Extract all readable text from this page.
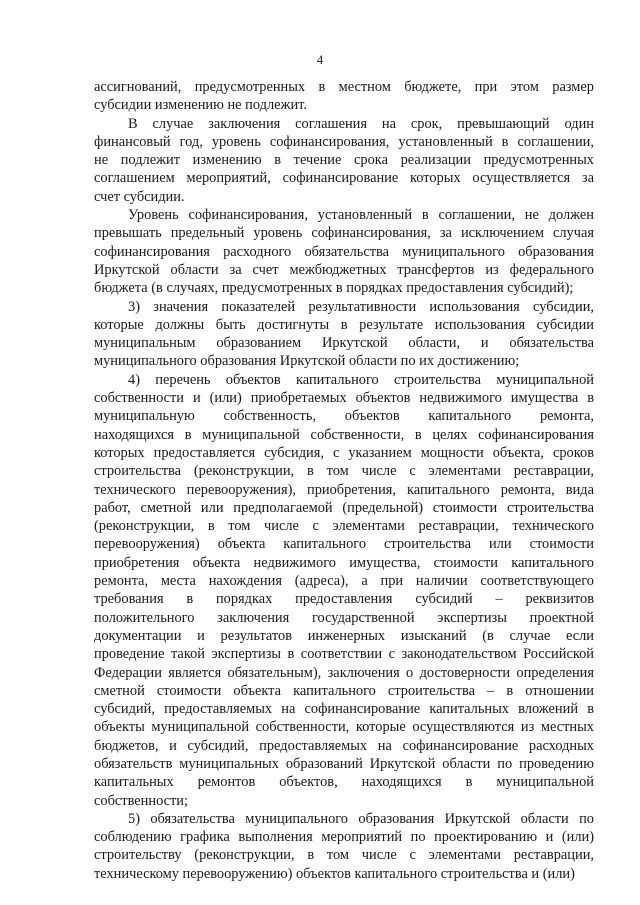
4
ассигнований, предусмотренных в местном бюджете, при этом размер
субсидии изменению не подлежит.
В случае заключения соглашения на срок, превышающий один
финансовый год, уровень софинансирования, установленный в соглашении,
не подлежит изменению в течение срока реализации предусмотренных
соглашением мероприятий, софинансирование которых осуществляется за
счет субсидии.
Уровень софинансирования, установленный в соглашении, не должен
превышать предельный уровень софинансирования, за исключением случая
софинансирования расходного обязательства муниципального образования
Иркутской области за счет межбюджетных трансфертов из федерального
бюджета (в случаях, предусмотренных в порядках предоставления субсидий);
3) значения показателей результативности использования субсидии,
которые должны быть достигнуты в результате использования субсидии
муниципальным образованием Иркутской области, и обязательства
муниципального образования Иркутской области по их достижению;
4) перечень объектов капитального строительства муниципальной
собственности и (или) приобретаемых объектов недвижимого имущества в
муниципальную собственность, объектов капитального ремонта,
находящихся в муниципальной собственности, в целях софинансирования
которых предоставляется субсидия, с указанием мощности объекта, сроков
строительства (реконструкции, в том числе с элементами реставрации,
технического перевооружения), приобретения, капитального ремонта, вида
работ, сметной или предполагаемой (предельной) стоимости строительства
(реконструкции, в том числе с элементами реставрации, технического
перевооружения) объекта капитального строительства или стоимости
приобретения объекта недвижимого имущества, стоимости капитального
ремонта, места нахождения (адреса), а при наличии соответствующего
требования в порядках предоставления субсидий – реквизитов
положительного заключения государственной экспертизы проектной
документации и результатов инженерных изысканий (в случае если
проведение такой экспертизы в соответствии с законодательством Российской
Федерации является обязательным), заключения о достоверности определения
сметной стоимости объекта капитального строительства – в отношении
субсидий, предоставляемых на софинансирование капитальных вложений в
объекты муниципальной собственности, которые осуществляются из местных
бюджетов, и субсидий, предоставляемых на софинансирование расходных
обязательств муниципальных образований Иркутской области по проведению
капитальных ремонтов объектов, находящихся в муниципальной
собственности;
5) обязательства муниципального образования Иркутской области по
соблюдению графика выполнения мероприятий по проектированию и (или)
строительству (реконструкции, в том числе с элементами реставрации,
техническому перевооружению) объектов капитального строительства и (или)
